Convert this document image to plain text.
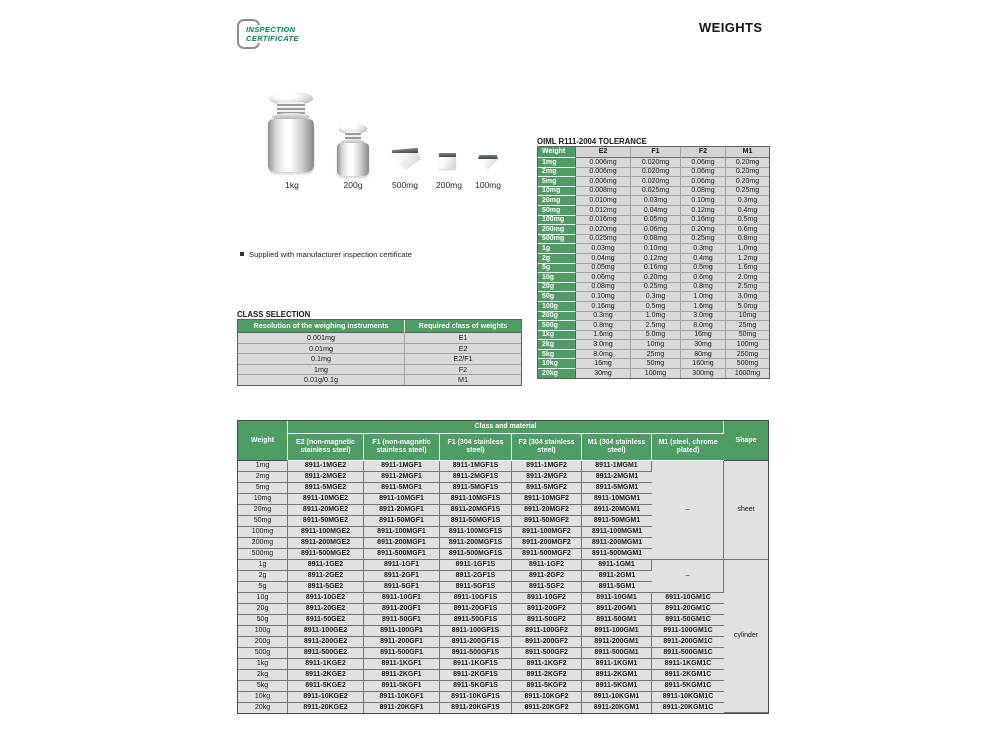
INSPECTION
CERTIFICATE
WEIGHTS
1kg	200g	500mg	200mg	100mg
Supplied with manufacturer inspection certificate
OIML R111-2004 TOLERANCE
Weight	E2	F1	F2	M1
1mg	0.006mg	0.020mg	0.06mg	0.20mg
2mg	0.006mg	0.020mg	0.06mg	0.20mg
5mg	0.006mg	0.020mg	0.06mg	0.20mg
10mg	0.008mg	0.025mg	0.08mg	0.25mg
20mg	0.010mg	0.03mg	0.10mg	0.3mg
50mg	0.012mg	0.04mg	0.12mg	0.4mg
100mg	0.016mg	0.05mg	0.16mg	0.5mg
200mg	0.020mg	0.06mg	0.20mg	0.6mg
500mg	0.025mg	0.08mg	0.25mg	0.8mg
1g	0.03mg	0.10mg	0.3mg	1.0mg
2g	0.04mg	0.12mg	0.4mg	1.2mg
5g	0.05mg	0.16mg	0.5mg	1.6mg
10g	0.06mg	0.20mg	0.6mg	2.0mg
20g	0.08mg	0.25mg	0.8mg	2.5mg
50g	0.10mg	0.3mg	1.0mg	3.0mg
100g	0.16mg	0.5mg	1.6mg	5.0mg
200g	0.3mg	1.0mg	3.0mg	10mg
500g	0.8mg	2.5mg	8.0mg	25mg
1kg	1.6mg	5.0mg	16mg	50mg
2kg	3.0mg	10mg	30mg	100mg
5kg	8.0mg	25mg	80mg	250mg
10kg	16mg	50mg	160mg	500mg
20kg	30mg	100mg	300mg	1000mg
CLASS SELECTION
Resolution of the weighing instruments	Required class of weights
0.001mg	E1
0.01mg	E2
0.1mg	E2/F1
1mg	F2
0.01g/0.1g	M1
Weight	Class and material						Shape
	E2 (non-magnetic stainless steel)	F1 (non-magnetic stainless steel)	F1 (304 stainless steel)	F2 (304 stainless steel)	M1 (304 stainless steel)	M1 (steel, chrome plated)	
1mg	8911-1MGE2	8911-1MGF1	8911-1MGF1S	8911-1MGF2	8911-1MGM1	–	sheet
2mg	8911-2MGE2	8911-2MGF1	8911-2MGF1S	8911-2MGF2	8911-2MGM1		
5mg	8911-5MGE2	8911-5MGF1	8911-5MGF1S	8911-5MGF2	8911-5MGM1		
10mg	8911-10MGE2	8911-10MGF1	8911-10MGF1S	8911-10MGF2	8911-10MGM1		
20mg	8911-20MGE2	8911-20MGF1	8911-20MGF1S	8911-20MGF2	8911-20MGM1		
50mg	8911-50MGE2	8911-50MGF1	8911-50MGF1S	8911-50MGF2	8911-50MGM1		
100mg	8911-100MGE2	8911-100MGF1	8911-100MGF1S	8911-100MGF2	8911-100MGM1		
200mg	8911-200MGE2	8911-200MGF1	8911-200MGF1S	8911-200MGF2	8911-200MGM1		
500mg	8911-500MGE2	8911-500MGF1	8911-500MGF1S	8911-500MGF2	8911-500MGM1		
1g	8911-1GE2	8911-1GF1	8911-1GF1S	8911-1GF2	8911-1GM1	–	cylinder
2g	8911-2GE2	8911-2GF1	8911-2GF1S	8911-2GF2	8911-2GM1		
5g	8911-5GE2	8911-5GF1	8911-5GF1S	8911-5GF2	8911-5GM1		
10g	8911-10GE2	8911-10GF1	8911-10GF1S	8911-10GF2	8911-10GM1	8911-10GM1C	
20g	8911-20GE2	8911-20GF1	8911-20GF1S	8911-20GF2	8911-20GM1	8911-20GM1C	
50g	8911-50GE2	8911-50GF1	8911-50GF1S	8911-50GF2	8911-50GM1	8911-50GM1C	
100g	8911-100GE2	8911-100GF1	8911-100GF1S	8911-100GF2	8911-100GM1	8911-100GM1C	
200g	8911-200GE2	8911-200GF1	8911-200GF1S	8911-200GF2	8911-200GM1	8911-200GM1C	
500g	8911-500GE2	8911-500GF1	8911-500GF1S	8911-500GF2	8911-500GM1	8911-500GM1C	
1kg	8911-1KGE2	8911-1KGF1	8911-1KGF1S	8911-1KGF2	8911-1KGM1	8911-1KGM1C	
2kg	8911-2KGE2	8911-2KGF1	8911-2KGF1S	8911-2KGF2	8911-2KGM1	8911-2KGM1C	
5kg	8911-5KGE2	8911-5KGF1	8911-5KGF1S	8911-5KGF2	8911-5KGM1	8911-5KGM1C	
10kg	8911-10KGE2	8911-10KGF1	8911-10KGF1S	8911-10KGF2	8911-10KGM1	8911-10KGM1C	
20kg	8911-20KGE2	8911-20KGF1	8911-20KGF1S	8911-20KGF2	8911-20KGM1	8911-20KGM1C	
